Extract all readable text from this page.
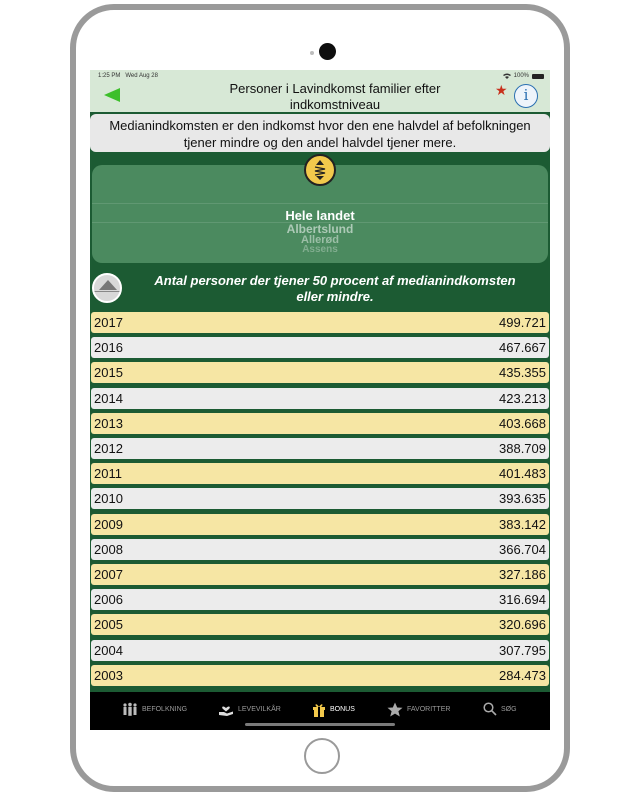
1:25 PM Wed Aug 28	100%
Personer i Lavindkomst familier efter
indkomstniveau
★	i
Medianindkomsten er den indkomst hvor den ene halvdel af befolkningen
tjener mindre og den andel halvdel tjener mere.
Hele landet
Albertslund
Allerød
Assens
Antal personer der tjener 50 procent af medianindkomsten
eller mindre.
2017	499.721
2016	467.667
2015	435.355
2014	423.213
2013	403.668
2012	388.709
2011	401.483
2010	393.635
2009	383.142
2008	366.704
2007	327.186
2006	316.694
2005	320.696
2004	307.795
2003	284.473
BEFOLKNING	LEVEVILKÅR	BONUS	FAVORITTER	SØG
